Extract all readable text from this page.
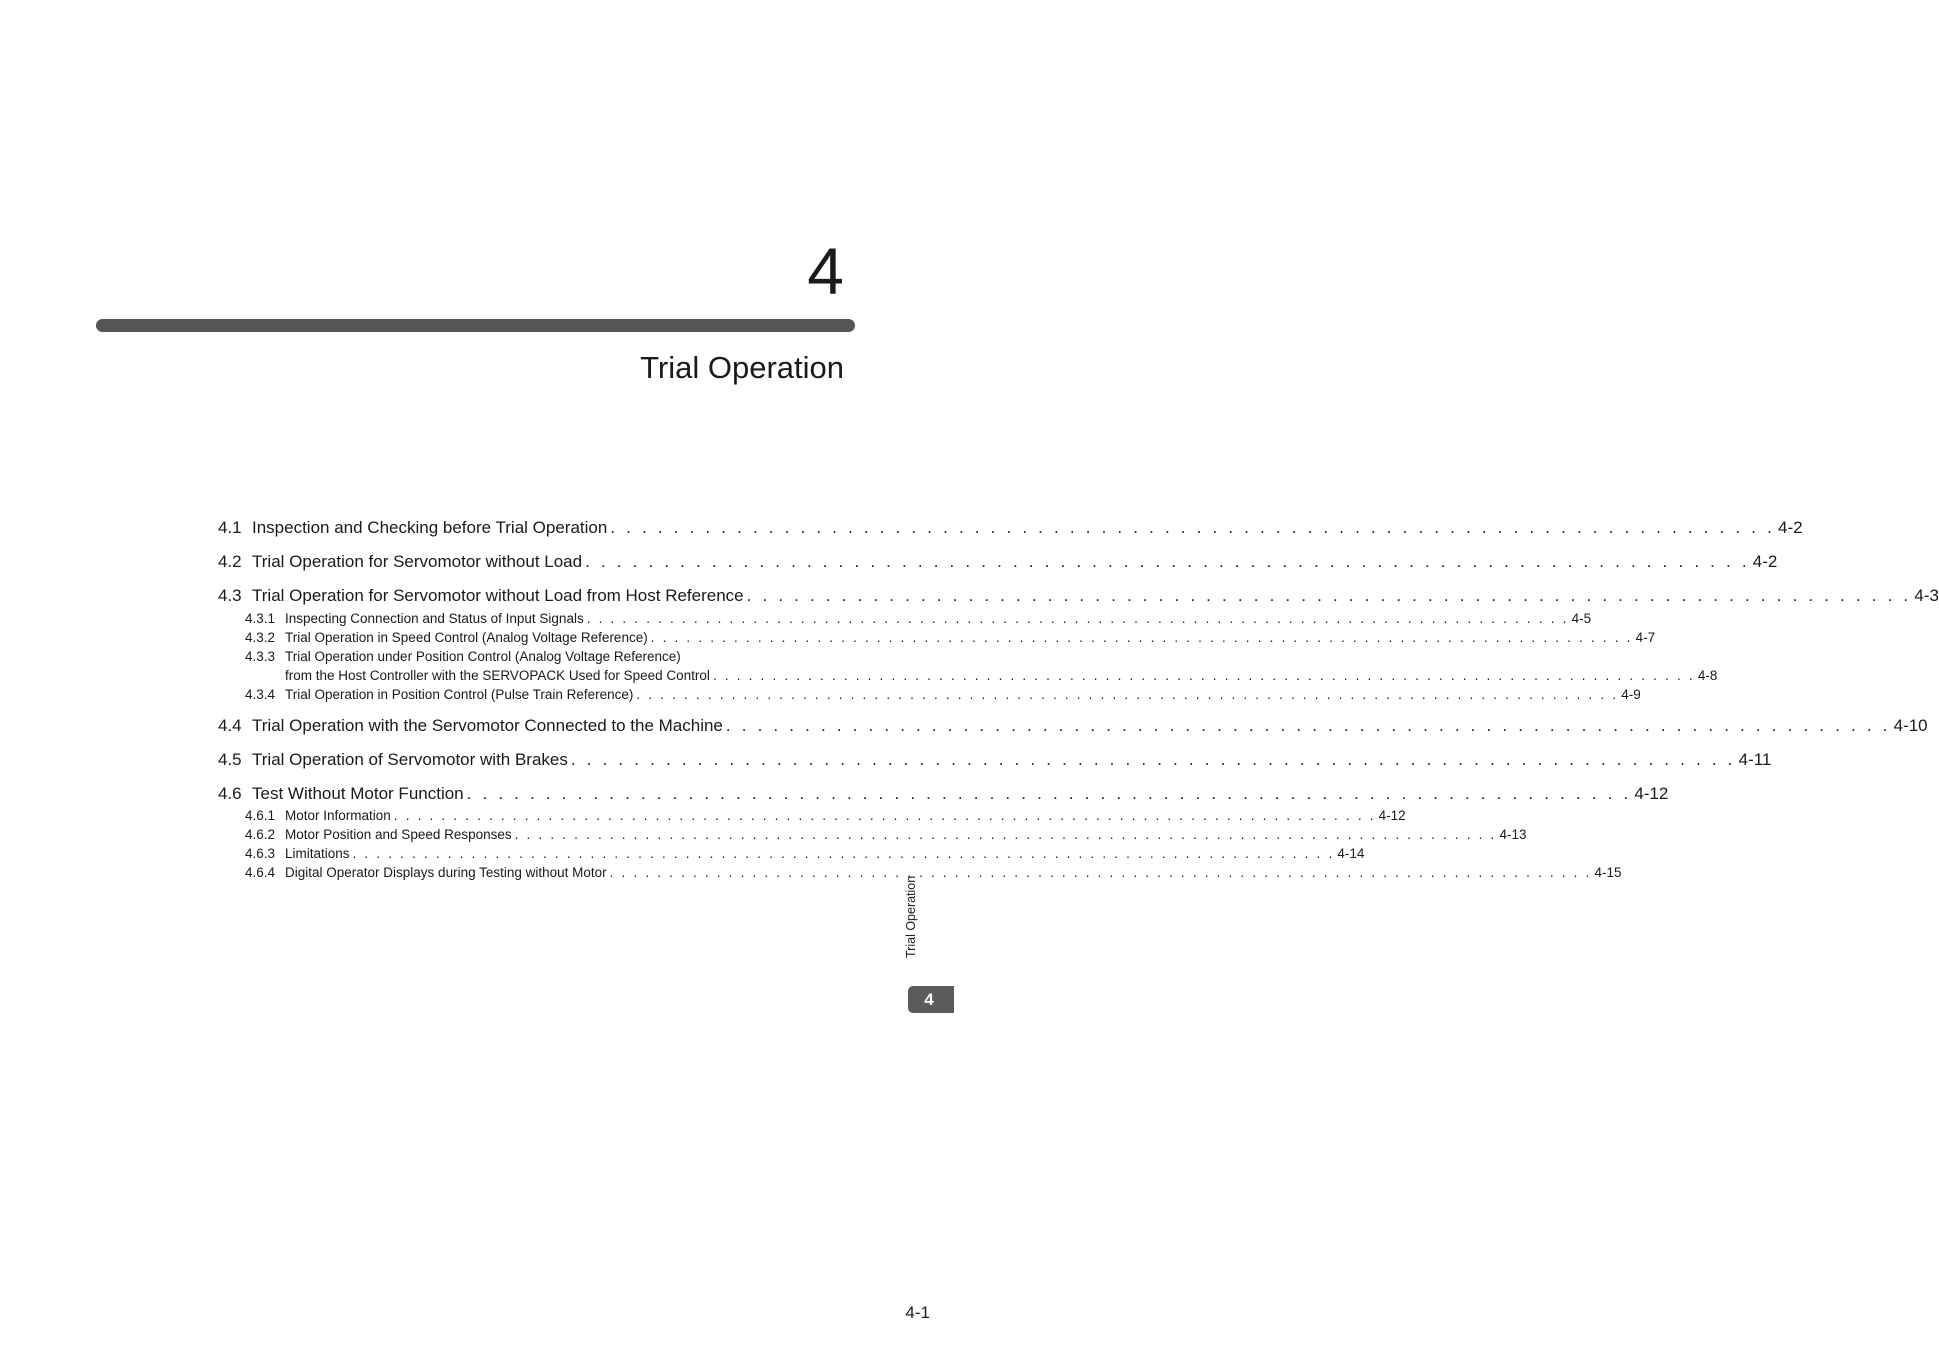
4
Trial Operation
4.1 Inspection and Checking before Trial Operation . . . . . . . . . . . . . . . . . . . . . . . . . . . . . . . . . . . . . . . . . . . . . . . . . . . . . . . . . . . . . . . . . . . . . . . . . . 4-2
4.2 Trial Operation for Servomotor without Load . . . . . . . . . . . . . . . . . . . . . . . . . . . . . . . . . . . . . . . . . . . . . . . . . . . . . . . . . . . . . . . . . . . . . . . . . . 4-2
4.3 Trial Operation for Servomotor without Load from Host Reference . . . . . . . . . . . . . . . . . . . . . . . . . . . . . . . . . . . . . . . . . . . . . . . . . . . . . . . . . . . . . . . . . . . . . . . . . . 4-3
4.3.1 Inspecting Connection and Status of Input Signals . . . . . . . . . . . . . . . . . . . . . . . . . . . . . . . . . . . . . . . . . . . . . . . . . . . . . . . . . . . . . . . . . . . . . . . . . . . . . . . . . . . 4-5
4.3.2 Trial Operation in Speed Control (Analog Voltage Reference) . . . . . . . . . . . . . . . . . . . . . . . . . . . . . . . . . . . . . . . . . . . . . . . . . . . . . . . . . . . . . . . . . . . . . . . . . . . . . . . . . . . 4-7
4.3.3 Trial Operation under Position Control (Analog Voltage Reference)
from the Host Controller with the SERVOPACK Used for Speed Control . . . . . . . . . . . . . . . . . . . . . . . . . . . . . . . . . . . . . . . . . . . . . . . . . . . . . . . . . . . . . . . . . . . . . . . . . . . . . . . . . . . 4-8
4.3.4 Trial Operation in Position Control (Pulse Train Reference) . . . . . . . . . . . . . . . . . . . . . . . . . . . . . . . . . . . . . . . . . . . . . . . . . . . . . . . . . . . . . . . . . . . . . . . . . . . . . . . . . . . 4-9
4.4 Trial Operation with the Servomotor Connected to the Machine . . . . . . . . . . . . . . . . . . . . . . . . . . . . . . . . . . . . . . . . . . . . . . . . . . . . . . . . . . . . . . . . . . . . . . . . . . 4-10
4.5 Trial Operation of Servomotor with Brakes . . . . . . . . . . . . . . . . . . . . . . . . . . . . . . . . . . . . . . . . . . . . . . . . . . . . . . . . . . . . . . . . . . . . . . . . . . 4-11
4.6 Test Without Motor Function . . . . . . . . . . . . . . . . . . . . . . . . . . . . . . . . . . . . . . . . . . . . . . . . . . . . . . . . . . . . . . . . . . . . . . . . . . 4-12
4.6.1 Motor Information . . . . . . . . . . . . . . . . . . . . . . . . . . . . . . . . . . . . . . . . . . . . . . . . . . . . . . . . . . . . . . . . . . . . . . . . . . . . . . . . . . . 4-12
4.6.2 Motor Position and Speed Responses . . . . . . . . . . . . . . . . . . . . . . . . . . . . . . . . . . . . . . . . . . . . . . . . . . . . . . . . . . . . . . . . . . . . . . . . . . . . . . . . . . . 4-13
4.6.3 Limitations . . . . . . . . . . . . . . . . . . . . . . . . . . . . . . . . . . . . . . . . . . . . . . . . . . . . . . . . . . . . . . . . . . . . . . . . . . . . . . . . . . . 4-14
4.6.4 Digital Operator Displays during Testing without Motor . . . . . . . . . . . . . . . . . . . . . . . . . . . . . . . . . . . . . . . . . . . . . . . . . . . . . . . . . . . . . . . . . . . . . . . . . . . . . . . . . . . 4-15
Trial Operation
4
4-1
